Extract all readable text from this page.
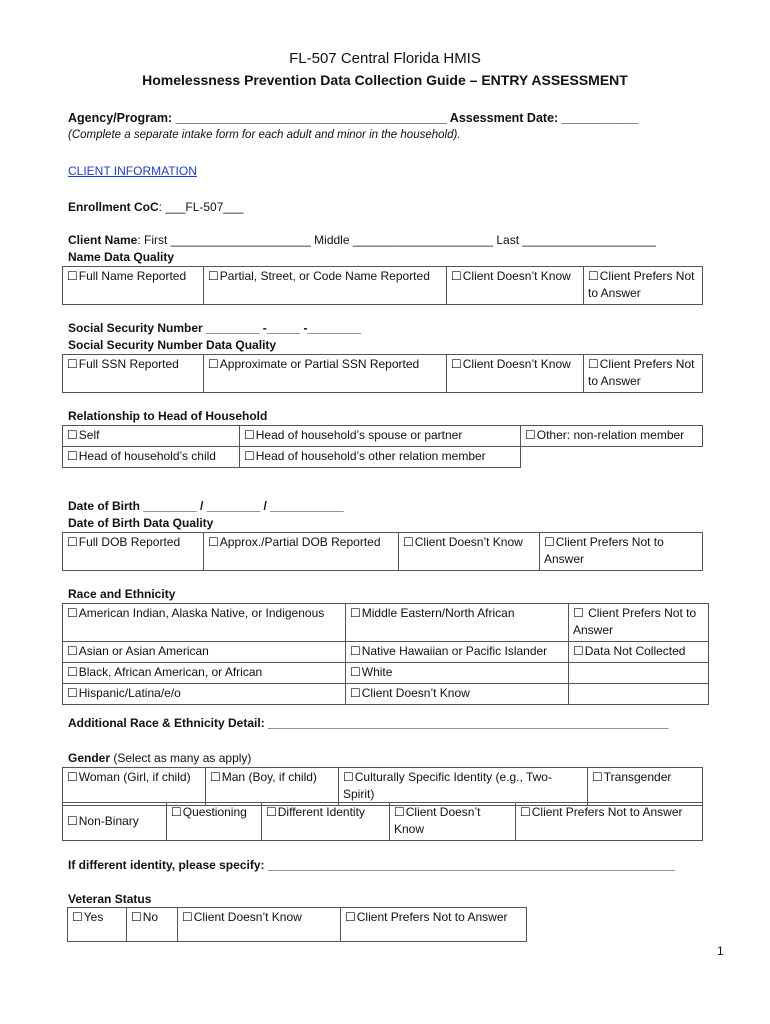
FL-507 Central Florida HMIS
Homelessness Prevention Data Collection Guide – ENTRY ASSESSMENT
Agency/Program: _______________________________________ Assessment Date: ___________
(Complete a separate intake form for each adult and minor in the household).
CLIENT INFORMATION
Enrollment CoC: ___FL-507___
Client Name: First _____________________ Middle _____________________ Last ____________________
Name Data Quality
☐Full Name Reported	☐Partial, Street, or Code Name Reported	☐Client Doesn’t Know	☐Client Prefers Not to Answer
Social Security Number ________ -_____ -________
Social Security Number Data Quality
☐Full SSN Reported	☐Approximate or Partial SSN Reported	☐Client Doesn’t Know	☐Client Prefers Not to Answer
Relationship to Head of Household
☐Self	☐Head of household’s spouse or partner	☐Other: non-relation member
☐Head of household’s child	☐Head of household’s other relation member	
Date of Birth ________ / ________ / ___________
Date of Birth Data Quality
☐Full DOB Reported	☐Approx./Partial DOB Reported	☐Client Doesn’t Know	☐Client Prefers Not to Answer
Race and Ethnicity
☐American Indian, Alaska Native, or Indigenous	☐Middle Eastern/North African	☐ Client Prefers Not to Answer
☐Asian or Asian American	☐Native Hawaiian or Pacific Islander	☐Data Not Collected
☐Black, African American, or African	☐White	
☐Hispanic/Latina/e/o	☐Client Doesn’t Know	
Additional Race & Ethnicity Detail: ____________________________________________________________
Gender (Select as many as apply)
☐Woman (Girl, if child)	☐Man (Boy, if child)	☐Culturally Specific Identity (e.g., Two-Spirit)	☐Transgender
☐Non-Binary	☐Questioning	☐Different Identity	☐Client Doesn’t Know	☐Client Prefers Not to Answer
If different identity, please specify: _____________________________________________________________
Veteran Status
☐Yes	☐No	☐Client Doesn’t Know	☐Client Prefers Not to Answer
1
